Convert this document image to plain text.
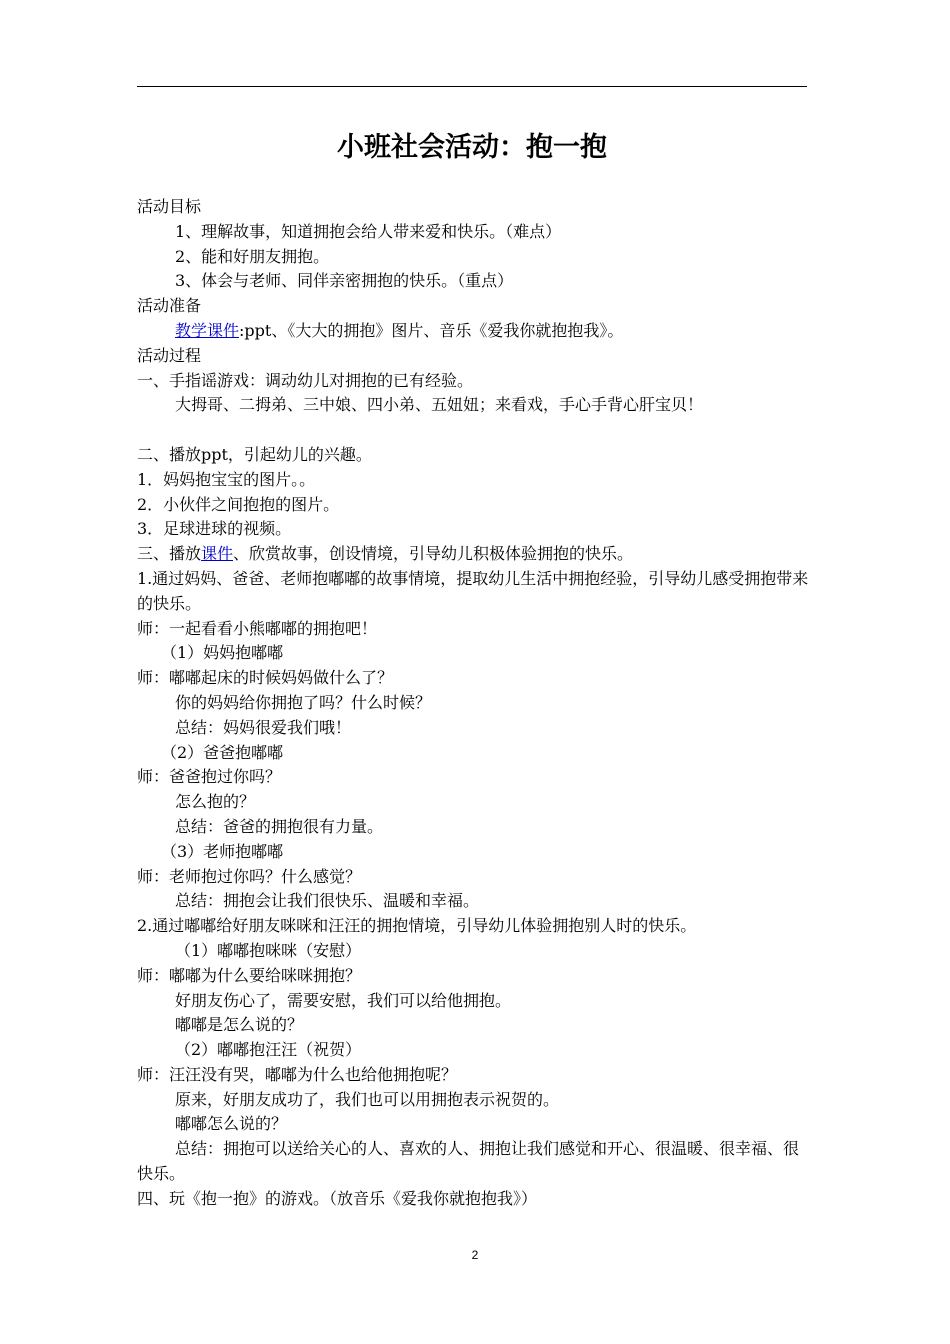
小班社会活动：抱一抱
活动目标
1、理解故事，知道拥抱会给人带来爱和快乐。（难点）
2、能和好朋友拥抱。
3、体会与老师、同伴亲密拥抱的快乐。（重点）
活动准备
教学课件:ppt、《大大的拥抱》图片、音乐《爱我你就抱抱我》。
活动过程
一、手指谣游戏：调动幼儿对拥抱的已有经验。
大拇哥、二拇弟、三中娘、四小弟、五妞妞；来看戏，手心手背心肝宝贝！
二、播放ppt，引起幼儿的兴趣。
1．妈妈抱宝宝的图片。。
2．小伙伴之间抱抱的图片。
3．足球进球的视频。
三、播放课件、欣赏故事，创设情境，引导幼儿积极体验拥抱的快乐。
1.通过妈妈、爸爸、老师抱嘟嘟的故事情境，提取幼儿生活中拥抱经验，引导幼儿感受拥抱带来的快乐。
师：一起看看小熊嘟嘟的拥抱吧！
（1）妈妈抱嘟嘟
师：嘟嘟起床的时候妈妈做什么了？
你的妈妈给你拥抱了吗？什么时候？
总结：妈妈很爱我们哦！
（2）爸爸抱嘟嘟
师：爸爸抱过你吗？
怎么抱的？
总结：爸爸的拥抱很有力量。
（3）老师抱嘟嘟
师：老师抱过你吗？什么感觉？
总结：拥抱会让我们很快乐、温暖和幸福。
2.通过嘟嘟给好朋友咪咪和汪汪的拥抱情境，引导幼儿体验拥抱别人时的快乐。
（1）嘟嘟抱咪咪（安慰）
师：嘟嘟为什么要给咪咪拥抱？
好朋友伤心了，需要安慰，我们可以给他拥抱。
嘟嘟是怎么说的？
（2）嘟嘟抱汪汪（祝贺）
师：汪汪没有哭，嘟嘟为什么也给他拥抱呢？
原来，好朋友成功了，我们也可以用拥抱表示祝贺的。
嘟嘟怎么说的？
总结：拥抱可以送给关心的人、喜欢的人、拥抱让我们感觉和开心、很温暖、很幸福、很快乐。
四、玩《抱一抱》的游戏。（放音乐《爱我你就抱抱我》）
2
